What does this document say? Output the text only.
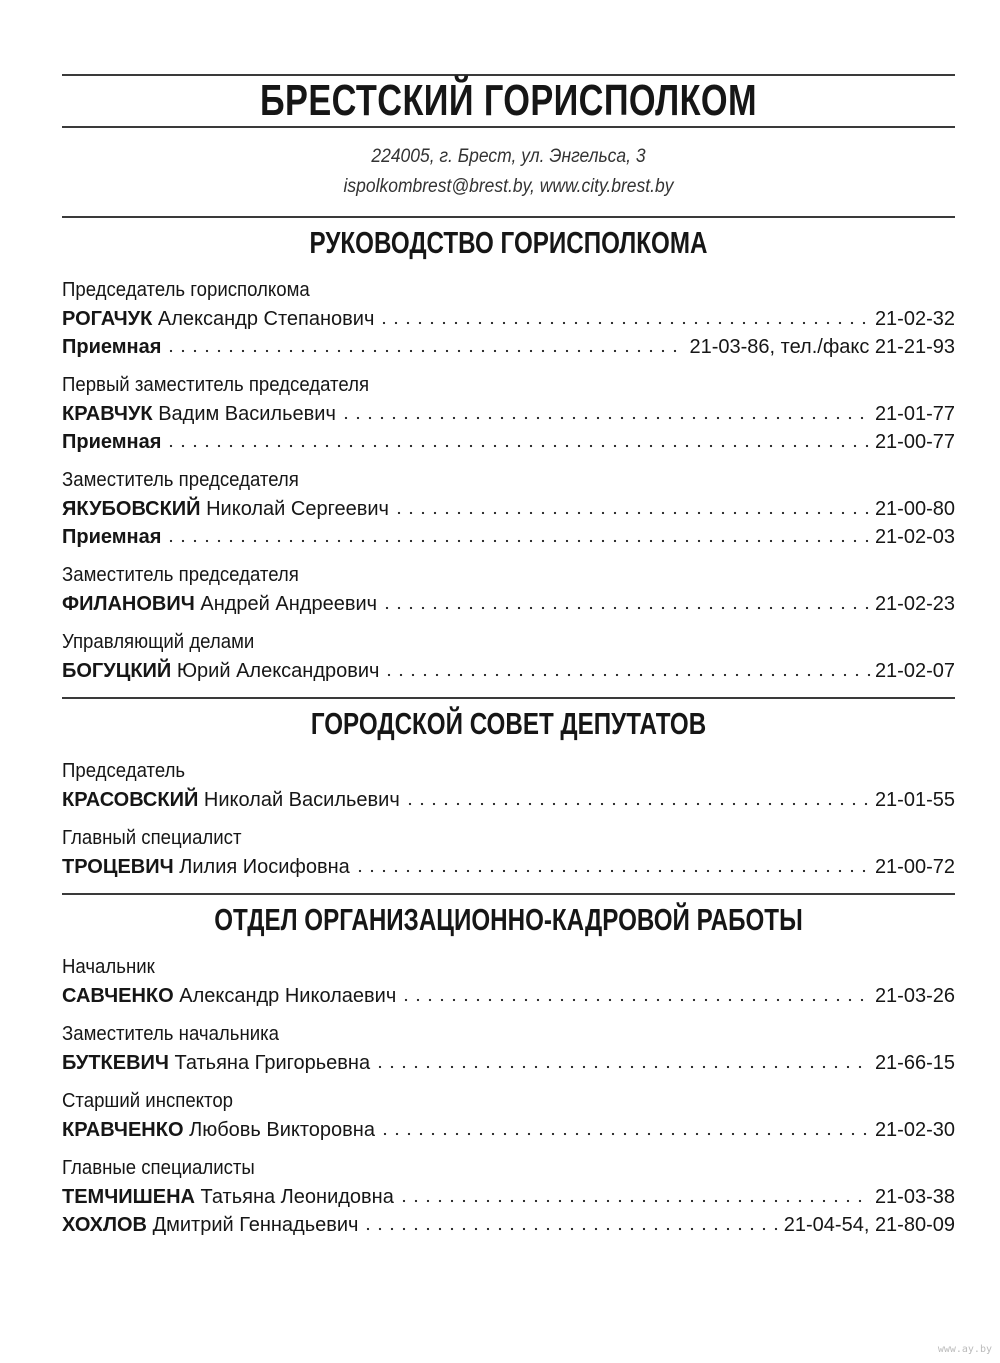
БРЕСТСКИЙ ГОРИСПОЛКОМ
224005, г. Брест, ул. Энгельса, 3
ispolkombrest@brest.by, www.city.brest.by
РУКОВОДСТВО ГОРИСПОЛКОМА
Председатель горисполкома
РОГАЧУК Александр Степанович	21-02-32
Приемная	21-03-86, тел./факс 21-21-93
Первый заместитель председателя
КРАВЧУК Вадим Васильевич	21-01-77
Приемная	21-00-77
Заместитель председателя
ЯКУБОВСКИЙ Николай Сергеевич	21-00-80
Приемная	21-02-03
Заместитель председателя
ФИЛАНОВИЧ Андрей Андреевич	21-02-23
Управляющий делами
БОГУЦКИЙ Юрий Александрович	21-02-07
ГОРОДСКОЙ СОВЕТ ДЕПУТАТОВ
Председатель
КРАСОВСКИЙ Николай Васильевич	21-01-55
Главный специалист
ТРОЦЕВИЧ Лилия Иосифовна	21-00-72
ОТДЕЛ ОРГАНИЗАЦИОННО-КАДРОВОЙ РАБОТЫ
Начальник
САВЧЕНКО Александр Николаевич	21-03-26
Заместитель начальника
БУТКЕВИЧ Татьяна Григорьевна	21-66-15
Старший инспектор
КРАВЧЕНКО Любовь Викторовна	21-02-30
Главные специалисты
ТЕМЧИШЕНА Татьяна Леонидовна	21-03-38
ХОХЛОВ Дмитрий Геннадьевич	21-04-54, 21-80-09
www.ay.by
